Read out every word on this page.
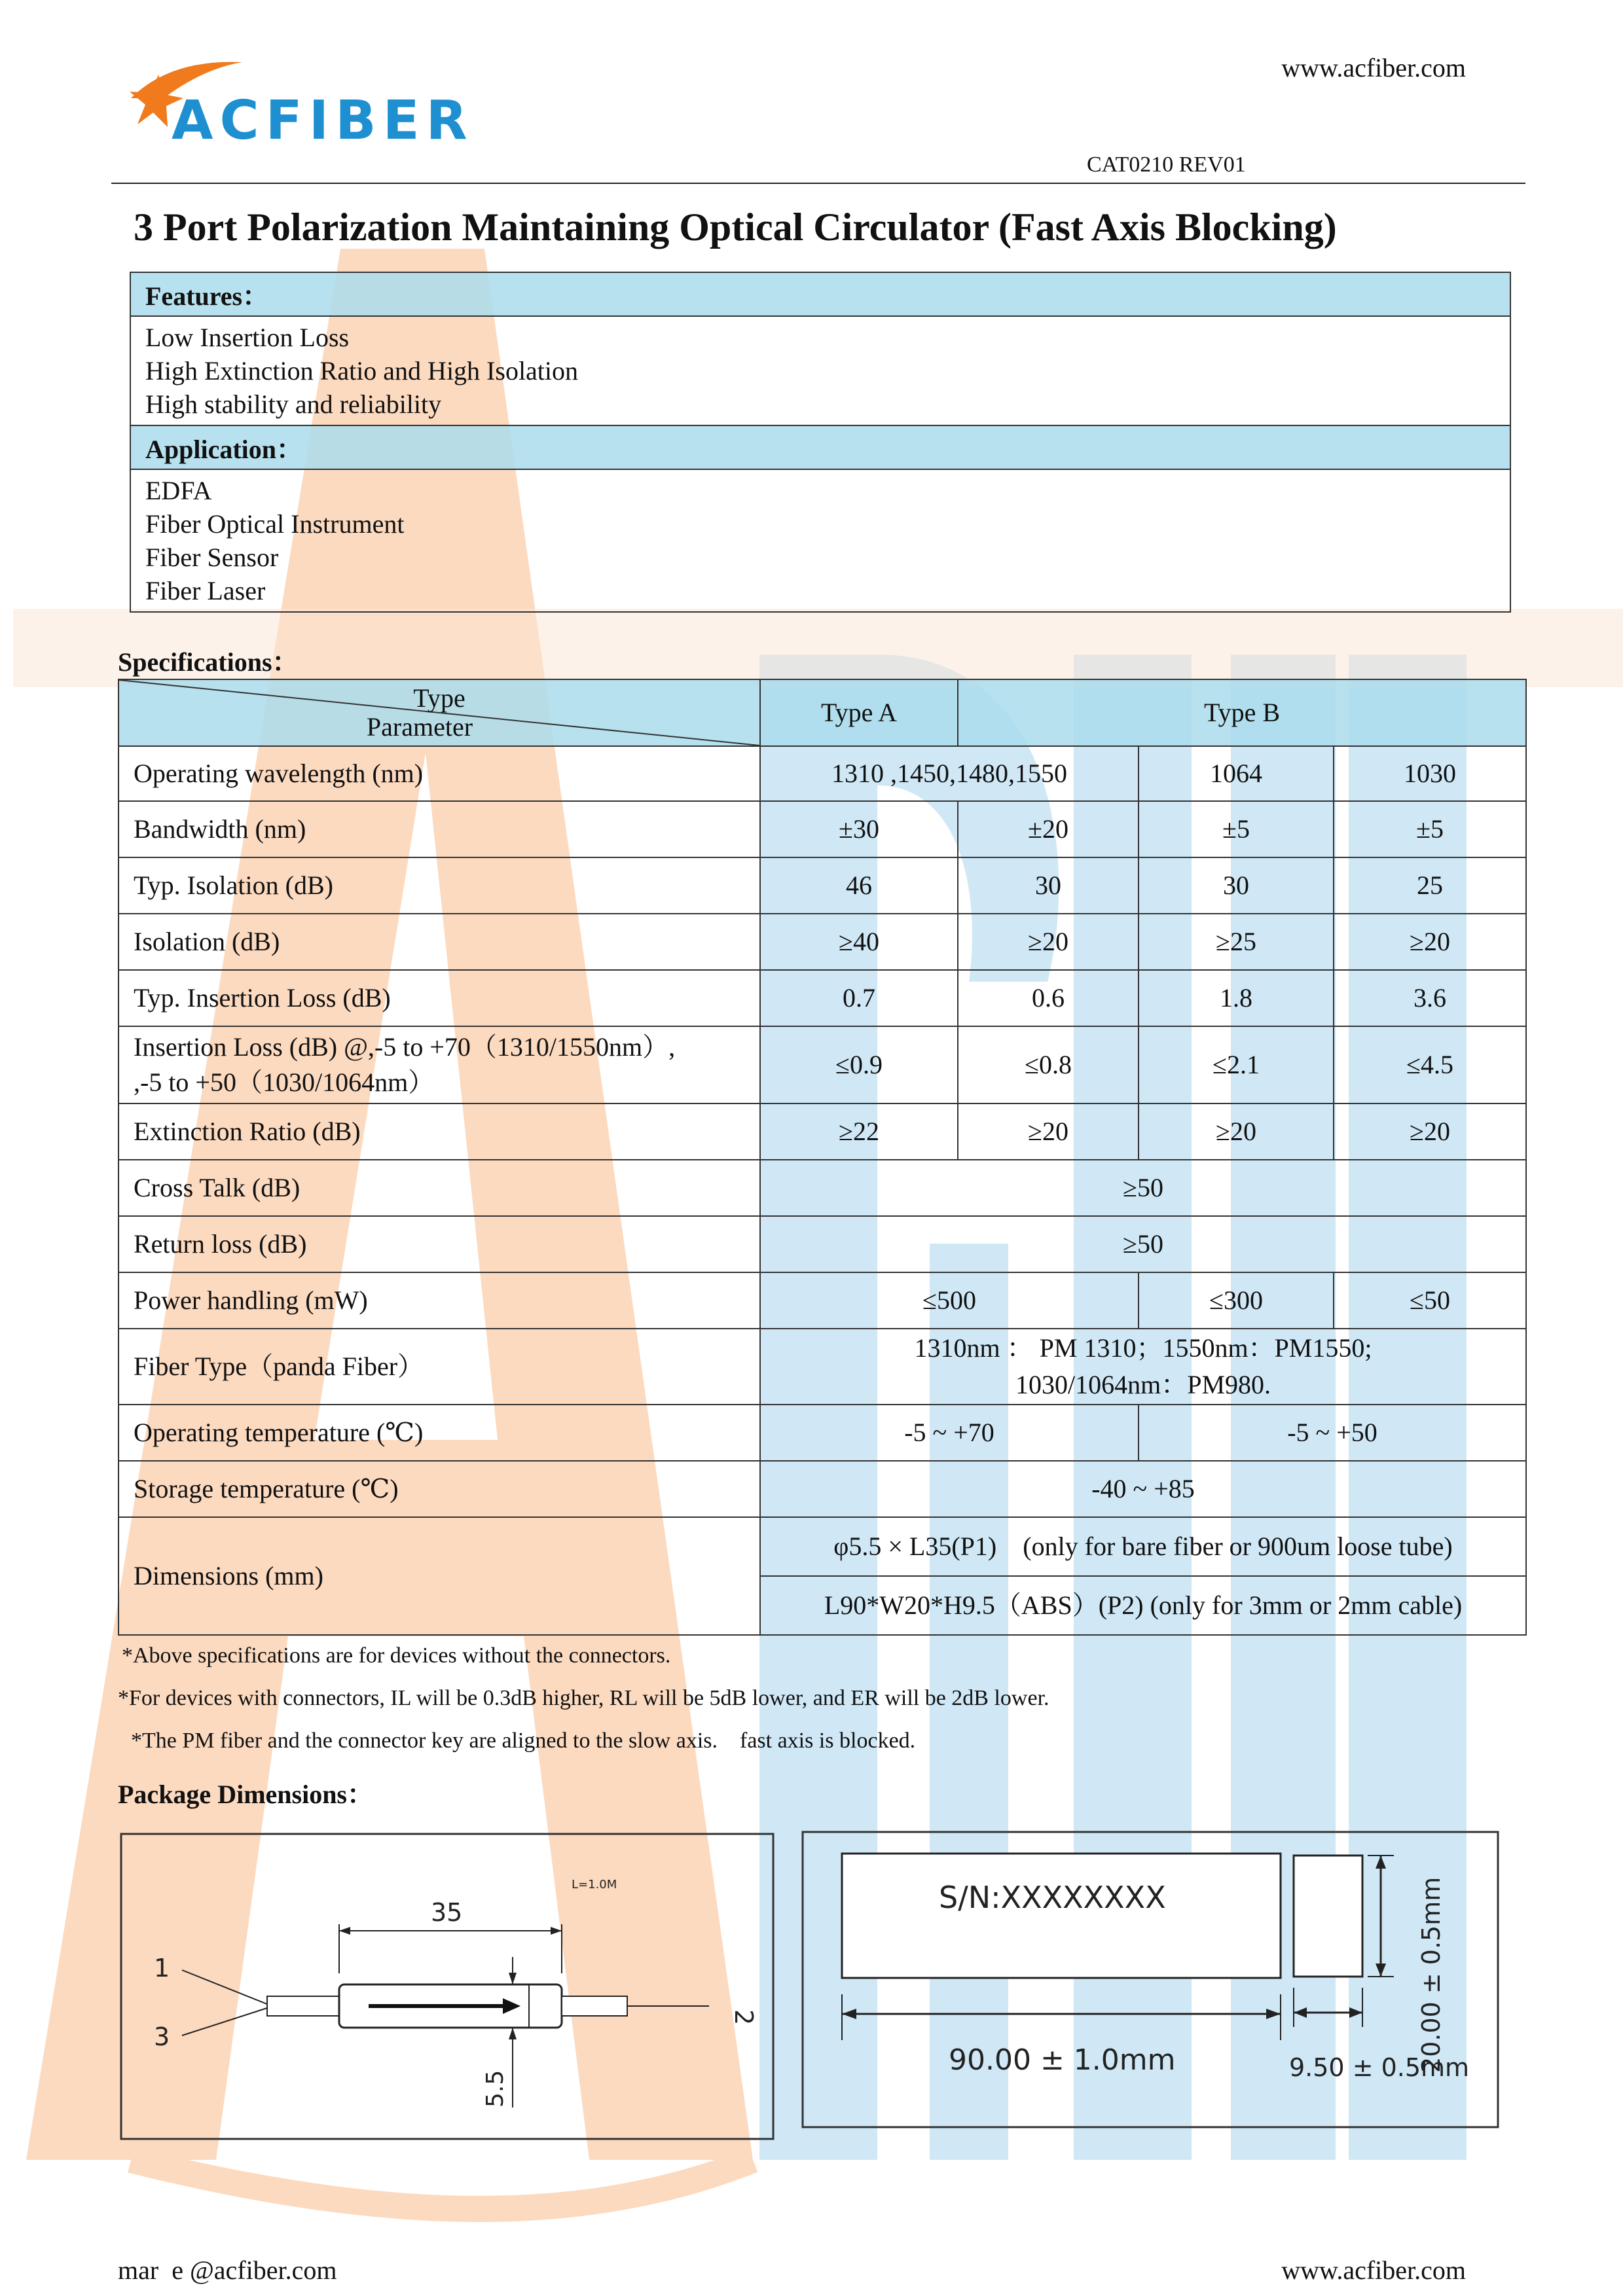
ACFIBER
www.acfiber.com
CAT0210 REV01
3 Port Polarization Maintaining Optical Circulator (Fast Axis Blocking)
Features：

Low Insertion Loss
High Extinction Ratio and High Isolation
High stability and reliability

Application：

EDFA
Fiber Optical Instrument
Fiber Sensor
Fiber Laser
Specifications：
Type
Parameter	Type A	Type B		
Operating wavelength (nm)	1310 ,1450,1480,1550		1064	1030
Bandwidth (nm)	±30	±20	±5	±5
Typ. Isolation (dB)	46	30	30	25
Isolation (dB)	≥40	≥20	≥25	≥20
Typ. Insertion Loss (dB)	0.7	0.6	1.8	3.6

Insertion Loss (dB) @,-5 to +70（1310/1550nm）,
,-5 to +50（1030/1064nm）	≤0.9	≤0.8	≤2.1	≤4.5
Extinction Ratio (dB)	≥22	≥20	≥20	≥20
Cross Talk (dB)	≥50			
Return loss (dB)	≥50			
Power handling (mW)	≤500		≤300	≤50
Fiber Type（panda Fiber）	1310nm ： PM 1310；1550nm：PM1550;
1030/1064nm：PM980.			

Operating temperature (℃)	-5 ~ +70		-5 ~ +50	
Storage temperature (℃)	-40 ~ +85			
Dimensions (mm)	φ5.5 × L35(P1)    (only for bare fiber or 900um loose tube)			
	L90*W20*H9.5（ABS）(P2) (only for 3mm or 2mm cable)			
*Above specifications are for devices without the connectors.
*For devices with connectors, IL will be 0.3dB higher, RL will be 5dB lower, and ER will be 2dB lower.
*The PM fiber and the connector key are aligned to the slow axis.    fast axis is blocked.
Package Dimensions：
L=1.0M
35
1
3
2
5.5
S/N:XXXXXXXX
90.00 ± 1.0mm	20.00 ± 0.5mm
9.50 ± 0.5mm
mar  e @acfiber.com	www.acfiber.com
